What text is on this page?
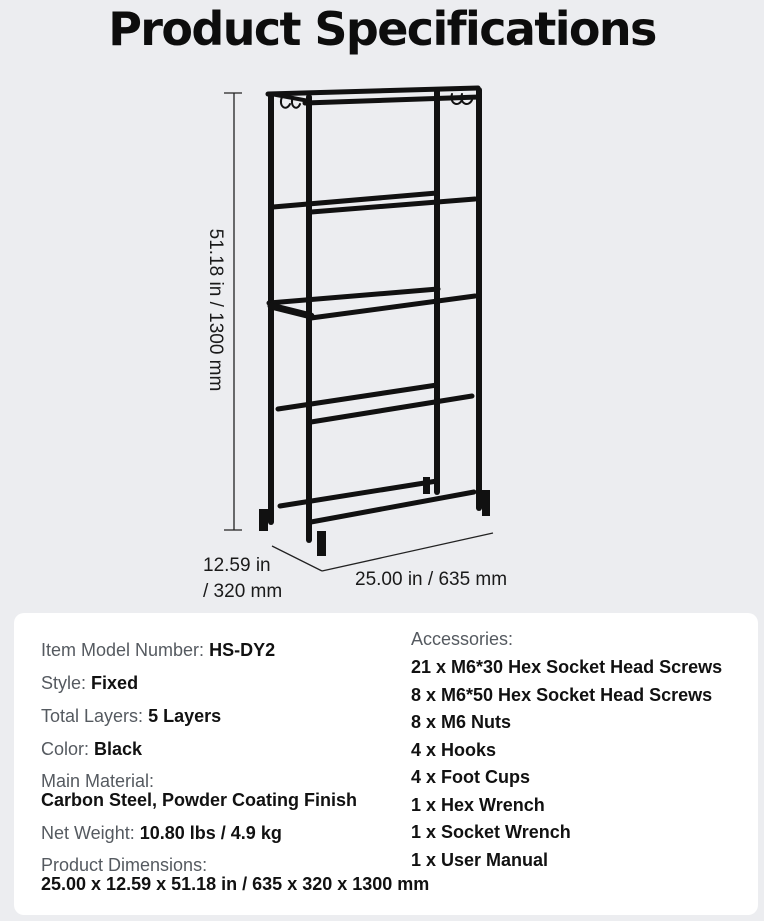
Product Specifications
51.18 in / 1300 mm
12.59 in
/ 320 mm
25.00 in / 635 mm
Item Model Number: HS-DY2
Style: Fixed
Total Layers: 5 Layers
Color: Black
Main Material:
Carbon Steel, Powder Coating Finish
Net Weight: 10.80 lbs / 4.9 kg
Product Dimensions:
25.00 x 12.59 x 51.18 in / 635 x 320 x 1300 mm
Accessories:
21 x M6*30 Hex Socket Head Screws
8 x M6*50 Hex Socket Head Screws
8 x M6 Nuts
4 x Hooks
4 x Foot Cups
1 x Hex Wrench
1 x Socket Wrench
1 x User Manual
